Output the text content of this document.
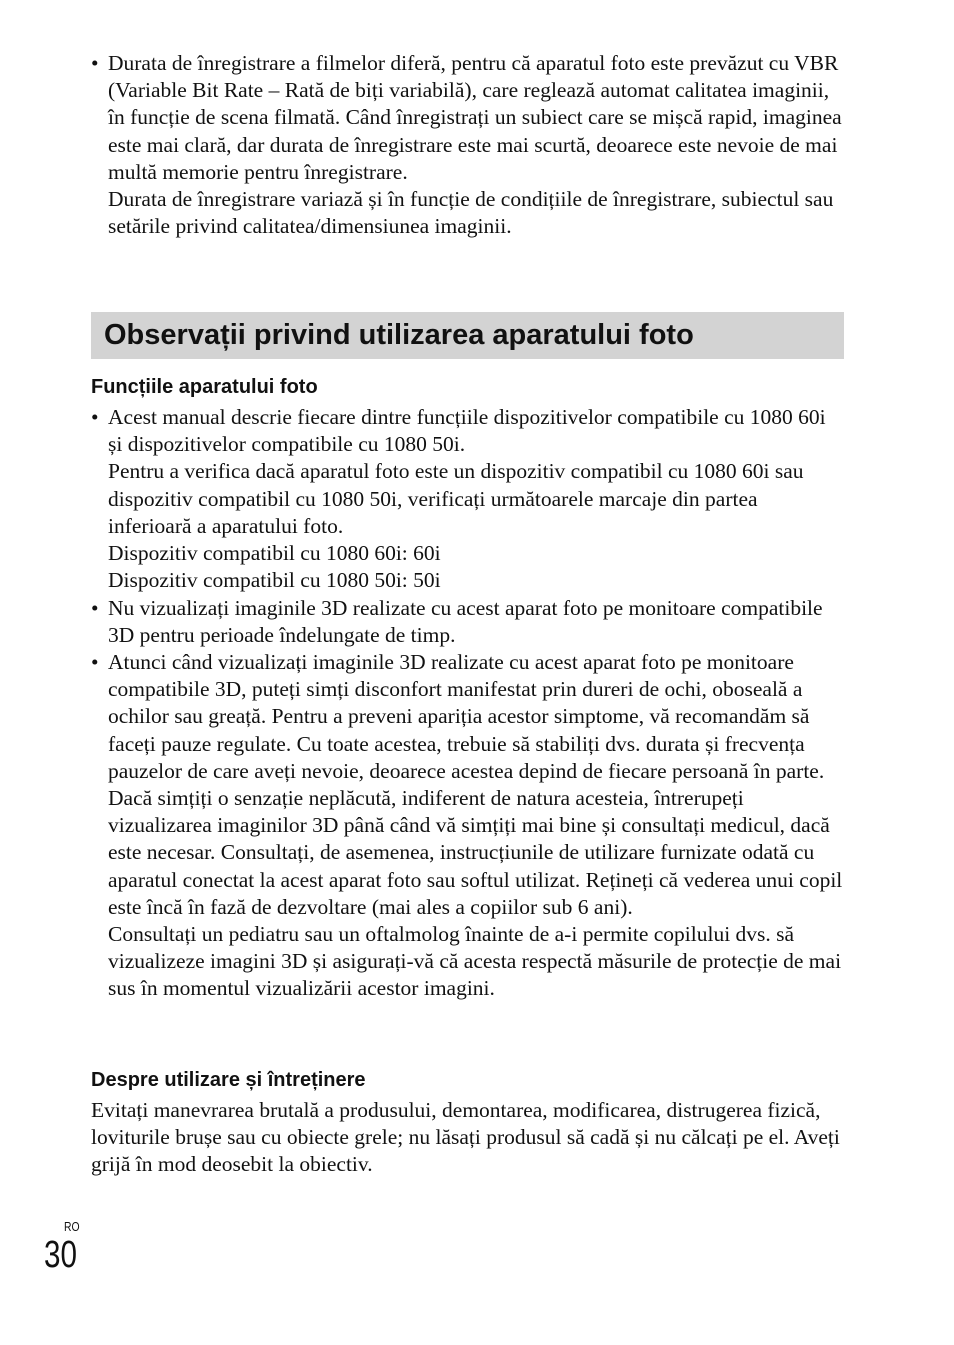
• Durata de înregistrare a filmelor diferă, pentru că aparatul foto este prevăzut cu VBR (Variable Bit Rate – Rată de biți variabilă), care reglează automat calitatea imaginii, în funcție de scena filmată. Când înregistrați un subiect care se mișcă rapid, imaginea este mai clară, dar durata de înregistrare este mai scurtă, deoarece este nevoie de mai multă memorie pentru înregistrare.

Durata de înregistrare variază și în funcție de condițiile de înregistrare, subiectul sau setările privind calitatea/dimensiunea imaginii.

Observații privind utilizarea aparatului foto
Funcțiile aparatului foto
• Acest manual descrie fiecare dintre funcțiile dispozitivelor compatibile cu 1080 60i și dispozitivelor compatibile cu 1080 50i.

Pentru a verifica dacă aparatul foto este un dispozitiv compatibil cu 1080 60i sau dispozitiv compatibil cu 1080 50i, verificați următoarele marcaje din partea inferioară a aparatului foto.

Dispozitiv compatibil cu 1080 60i: 60i

Dispozitiv compatibil cu 1080 50i: 50i

• Nu vizualizați imaginile 3D realizate cu acest aparat foto pe monitoare compatibile 3D pentru perioade îndelungate de timp.

• Atunci când vizualizați imaginile 3D realizate cu acest aparat foto pe monitoare compatibile 3D, puteți simți disconfort manifestat prin dureri de ochi, oboseală a ochilor sau greață. Pentru a preveni apariția acestor simptome, vă recomandăm să faceți pauze regulate. Cu toate acestea, trebuie să stabiliți dvs. durata și frecvența pauzelor de care aveți nevoie, deoarece acestea depind de fiecare persoană în parte. Dacă simțiți o senzație neplăcută, indiferent de natura acesteia, întrerupeți vizualizarea imaginilor 3D până când vă simțiți mai bine și consultați medicul, dacă este necesar. Consultați, de asemenea, instrucțiunile de utilizare furnizate odată cu aparatul conectat la acest aparat foto sau softul utilizat. Rețineți că vederea unui copil este încă în fază de dezvoltare (mai ales a copiilor sub 6 ani).

Consultați un pediatru sau un oftalmolog înainte de a-i permite copilului dvs. să vizualizeze imagini 3D și asigurați-vă că acesta respectă măsurile de protecție de mai sus în momentul vizualizării acestor imagini.

Despre utilizare și întreținere

Evitați manevrarea brutală a produsului, demontarea, modificarea, distrugerea fizică, loviturile brușe sau cu obiecte grele; nu lăsați produsul să cadă și nu călcați pe el. Aveți grijă în mod deosebit la obiectiv.

RO
30
